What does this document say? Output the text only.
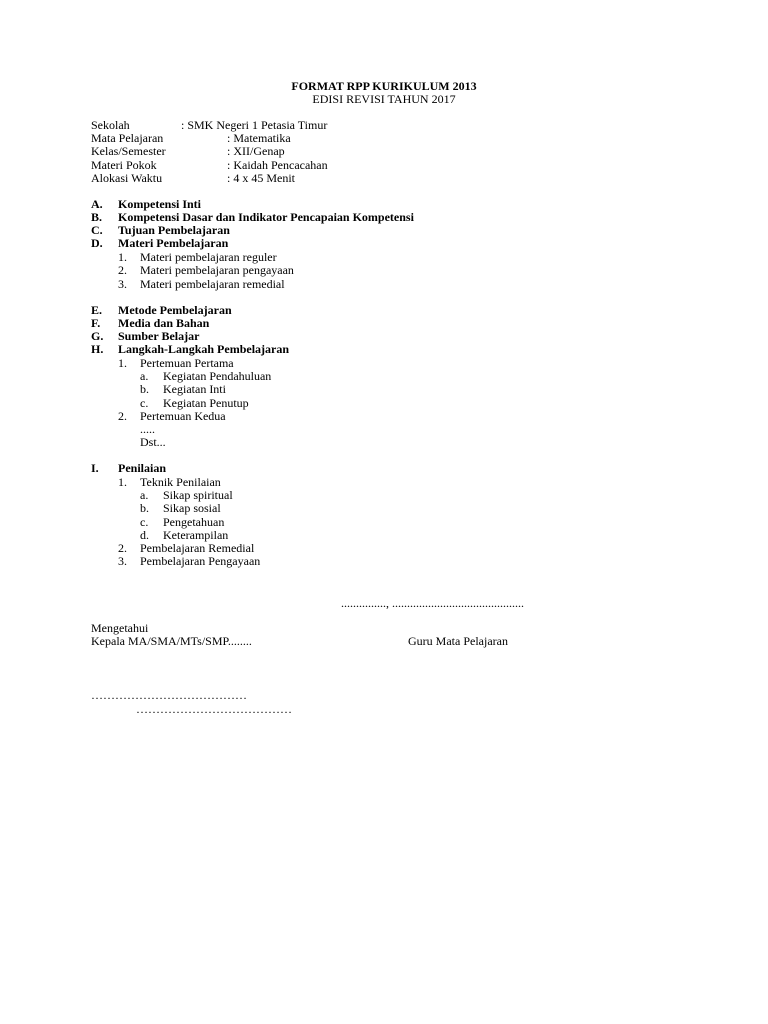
FORMAT RPP KURIKULUM 2013
EDISI REVISI TAHUN 2017
Sekolah	: SMK Negeri 1 Petasia Timur
Mata Pelajaran	: Matematika
Kelas/Semester	: XII/Genap
Materi Pokok	: Kaidah Pencacahan
Alokasi Waktu	: 4 x 45 Menit
A. Kompetensi Inti
B. Kompetensi Dasar dan Indikator Pencapaian Kompetensi
C. Tujuan Pembelajaran
D. Materi Pembelajaran
1. Materi pembelajaran reguler
2. Materi pembelajaran pengayaan
3. Materi pembelajaran remedial
E. Metode Pembelajaran
F. Media dan Bahan
G. Sumber Belajar
H. Langkah-Langkah Pembelajaran
1. Pertemuan Pertama
a. Kegiatan Pendahuluan
b. Kegiatan Inti
c. Kegiatan Penutup
2. Pertemuan Kedua
.....
Dst...
I. Penilaian
1. Teknik Penilaian
a. Sikap spiritual
b. Sikap sosial
c. Pengetahuan
d. Keterampilan
2. Pembelajaran Remedial
3. Pembelajaran Pengayaan
..............., ............................................
Mengetahui
Kepala MA/SMA/MTs/SMP........	Guru Mata Pelajaran
…………………………………
…………………………………
